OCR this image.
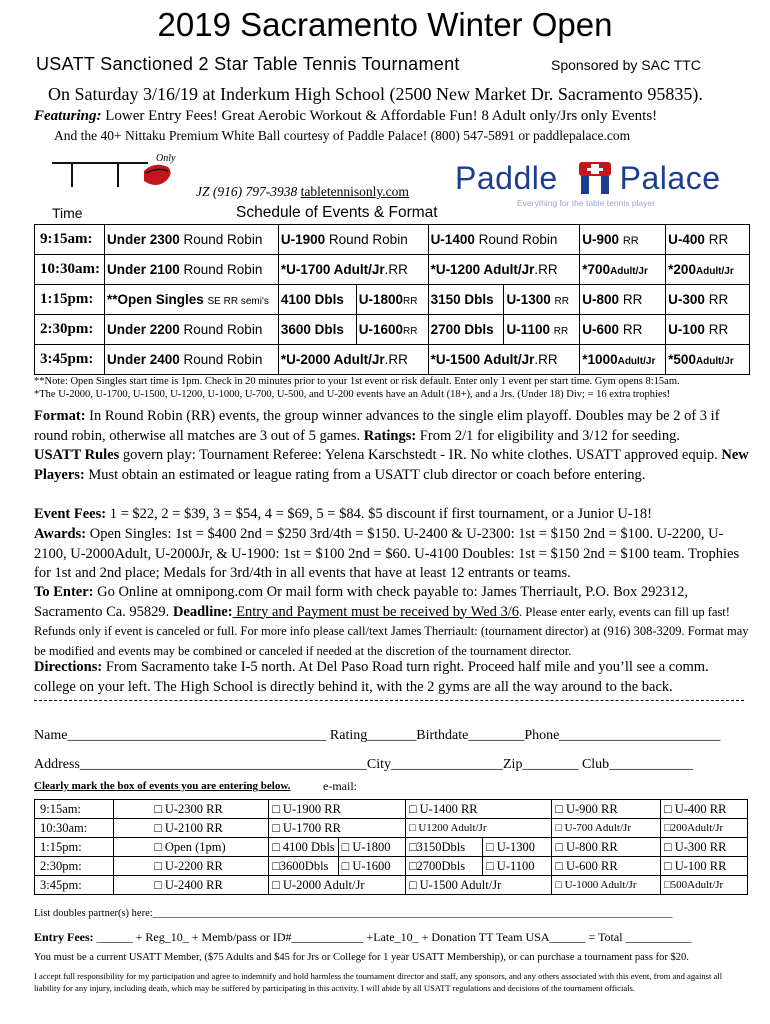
2019 Sacramento Winter Open
USATT Sanctioned 2 Star Table Tennis Tournament	Sponsored by SAC TTC
On Saturday 3/16/19 at Inderkum High School (2500 New Market Dr. Sacramento 95835).
Featuring: Lower Entry Fees! Great Aerobic Workout & Affordable Fun! 8 Adult only/Jrs only Events!
And the 40+ Nittaku Premium White Ball courtesy of Paddle Palace! (800) 547-5891 or paddlepalace.com
Only
JZ (916) 797-3938 tabletennisonly.com Paddle Palace
Everything for the table tennis player
Time	Schedule of Events & Format
9:15am:	Under 2300 Round Robin	U-1900 Round Robin		U-1400 Round Robin		U-900 RR	U-400 RR
10:30am:	Under 2100 Round Robin	*U-1700 Adult/Jr.RR		*U-1200 Adult/Jr.RR		*700Adult/Jr	*200Adult/Jr
1:15pm:	**Open Singles SE RR semi's	4100 Dbls	U-1800RR	3150 Dbls	U-1300 RR	U-800 RR	U-300 RR
2:30pm:	Under 2200 Round Robin	3600 Dbls	U-1600RR	2700 Dbls	U-1100 RR	U-600 RR	U-100 RR
3:45pm:	Under 2400 Round Robin	*U-2000 Adult/Jr.RR		*U-1500 Adult/Jr.RR		*1000Adult/Jr	*500Adult/Jr
**Note: Open Singles start time is 1pm. Check in 20 minutes prior to your 1st event or risk default. Enter only 1 event per start time. Gym opens 8:15am.
*The U-2000, U-1700, U-1500, U-1200, U-1000, U-700, U-500, and U-200 events have an Adult (18+), and a Jrs. (Under 18) Div; = 16 extra trophies!
Format: In Round Robin (RR) events, the group winner advances to the single elim playoff. Doubles may be 2 of 3 if round robin, otherwise all matches are 3 out of 5 games. Ratings: From 2/1 for eligibility and 3/12 for seeding.
USATT Rules govern play: Tournament Referee: Yelena Karschstedt - IR. No white clothes. USATT approved equip. New Players: Must obtain an estimated or league rating from a USATT club director or coach before entering.
Event Fees: 1 = $22, 2 = $39, 3 = $54, 4 = $69, 5 = $84. $5 discount if first tournament, or a Junior U-18!
Awards: Open Singles: 1st = $400 2nd = $250 3rd/4th = $150. U-2400 & U-2300: 1st = $150 2nd = $100. U-2200, U-2100, U-2000Adult, U-2000Jr, & U-1900: 1st = $100 2nd = $60. U-4100 Doubles: 1st = $150 2nd = $100 team. Trophies for 1st and 2nd place; Medals for 3rd/4th in all events that have at least 12 entrants or teams.
To Enter: Go Online at omnipong.com Or mail form with check payable to: James Therriault, P.O. Box 292312, Sacramento Ca. 95829. Deadline: Entry and Payment must be received by Wed 3/6. Please enter early, events can fill up fast! Refunds only if event is canceled or full. For more info please call/text James Therriault: (tournament director) at (916) 308-3209. Format may be modified and events may be combined or canceled if needed at the discretion of the tournament director.
Directions: From Sacramento take I-5 north. At Del Paso Road turn right. Proceed half mile and you’ll see a comm. college on your left. The High School is directly behind it, with the 2 gyms are all the way around to the back.
Name_____________________________________ Rating_______Birthdate________Phone_______________________
Address_________________________________________City________________Zip________ Club____________
Clearly mark the box of events you are entering below.	e-mail:
9:15am:		□ U-2300 RR	□ U-1900 RR		□ U-1400 RR		□ U-900 RR	□ U-400 RR
10:30am:		□ U-2100 RR	□ U-1700 RR		□ U1200 Adult/Jr		□ U-700 Adult/Jr	□200Adult/Jr
1:15pm:		□ Open (1pm)	□ 4100 Dbls	□ U-1800	□3150Dbls	□ U-1300	□ U-800 RR	□ U-300 RR
2:30pm:		□ U-2200 RR	□3600Dbls	□ U-1600	□2700Dbls	□ U-1100	□ U-600 RR	□ U-100 RR
3:45pm:		□ U-2400 RR	□ U-2000 Adult/Jr		□ U-1500 Adult/Jr		□ U-1000 Adult/Jr	□500Adult/Jr
List doubles partner(s) here:___________________________________________________________________________________________________
Entry Fees: ______ + Reg_10_ + Memb/pass or ID#____________ +Late_10_ + Donation TT Team USA______ = Total ___________
You must be a current USATT Member, ($75 Adults and $45 for Jrs or College for 1 year USATT Membership), or can purchase a tournament pass for $20.
I accept full responsibility for my participation and agree to indemnify and hold harmless the tournament director and staff, any sponsors, and any others associated with this event, from and against all liability for any injury, including death, which may be suffered by participating in this activity. I will abide by all USATT regulations and decisions of the tournament officials.
